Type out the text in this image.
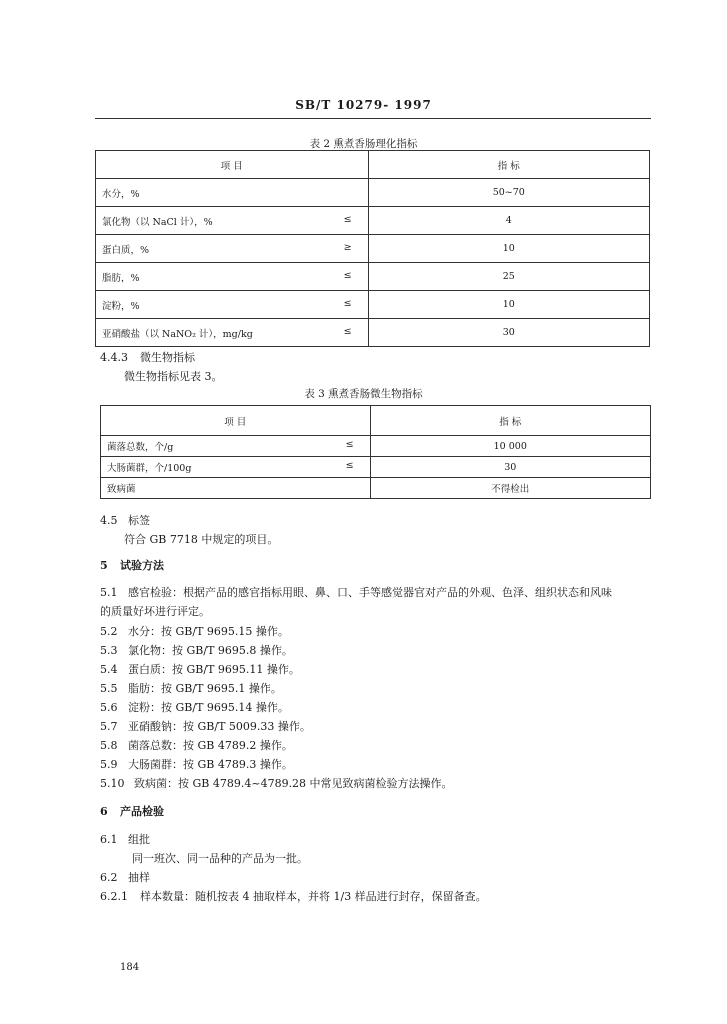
SB/T 10279- 1997
表 2 熏煮香肠理化指标
项 目	指 标

水分，%	50~70

氯化物（以 NaCl 计），% ≤	4

蛋白质，% ≥	10

脂肪，% ≤	25

淀粉，% ≤	10

亚硝酸盐（以 NaNO₂ 计），mg/kg ≤	30
4.4.3 微生物指标
微生物指标见表 3。
表 3 熏煮香肠微生物指标
项 目	指 标

菌落总数，个/g ≤	10 000

大肠菌群，个/100g ≤	30

致病菌	不得检出
4.5 标签
符合 GB 7718 中规定的项目。
5 试验方法
5.1 感官检验：根据产品的感官指标用眼、鼻、口、手等感觉器官对产品的外观、色泽、组织状态和风味
的质量好坏进行评定。
5.2 水分：按 GB/T 9695.15 操作。
5.3 氯化物：按 GB/T 9695.8 操作。
5.4 蛋白质：按 GB/T 9695.11 操作。
5.5 脂肪：按 GB/T 9695.1 操作。
5.6 淀粉：按 GB/T 9695.14 操作。
5.7 亚硝酸钠：按 GB/T 5009.33 操作。
5.8 菌落总数：按 GB 4789.2 操作。
5.9 大肠菌群：按 GB 4789.3 操作。
5.10 致病菌：按 GB 4789.4~4789.28 中常见致病菌检验方法操作。
6 产品检验
6.1 组批
同一班次、同一品种的产品为一批。
6.2 抽样
6.2.1 样本数量：随机按表 4 抽取样本，并将 1/3 样品进行封存，保留备查。
184
